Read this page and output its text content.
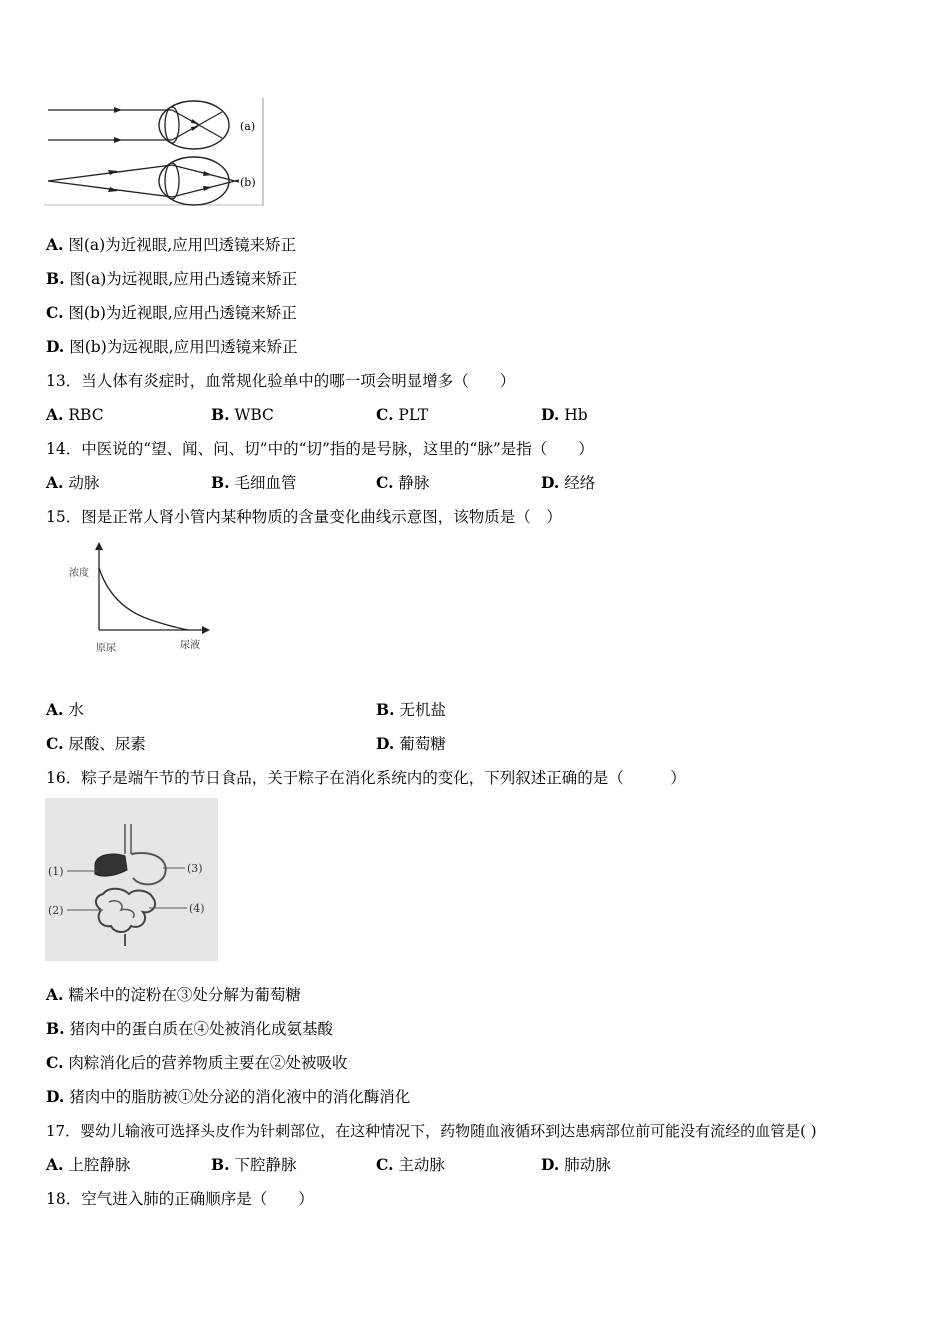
(a)
(b)
A. 图(a)为近视眼,应用凹透镜来矫正
B. 图(a)为远视眼,应用凸透镜来矫正
C. 图(b)为近视眼,应用凸透镜来矫正
D. 图(b)为远视眼,应用凹透镜来矫正
13．当人体有炎症时，血常规化验单中的哪一项会明显增多（　　）
A. RBC	B. WBC	C. PLT	D. Hb
14．中医说的“望、闻、问、切”中的“切”指的是号脉，这里的“脉”是指（　　）
A. 动脉	B. 毛细血管	C. 静脉	D. 经络
15．图是正常人肾小管内某种物质的含量变化曲线示意图，该物质是（　）
浓度
原尿	尿液
A. 水	B. 无机盐
C. 尿酸、尿素	D. 葡萄糖
16．粽子是端午节的节日食品，关于粽子在消化系统内的变化，下列叙述正确的是（　　　）
(1)	(3)
(2)	(4)
A. 糯米中的淀粉在③处分解为葡萄糖
B. 猪肉中的蛋白质在④处被消化成氨基酸
C. 肉粽消化后的营养物质主要在②处被吸收
D. 猪肉中的脂肪被①处分泌的消化液中的消化酶消化
17．婴幼儿输液可选择头皮作为针刺部位，在这种情况下，药物随血液循环到达患病部位前可能没有流经的血管是( )
A. 上腔静脉	B. 下腔静脉	C. 主动脉	D. 肺动脉
18．空气进入肺的正确顺序是（　　）
